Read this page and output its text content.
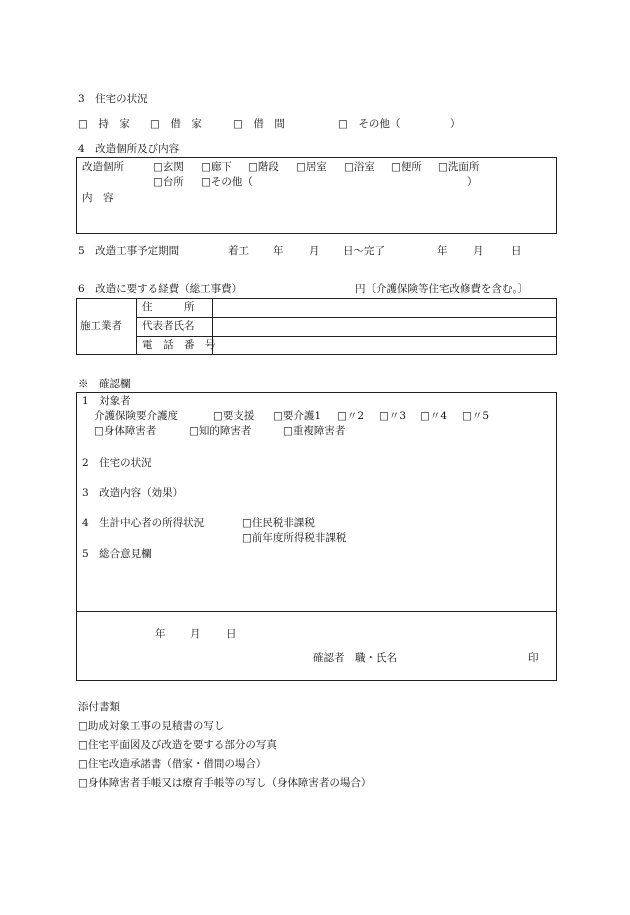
3　住宅の状況
□　持　家 □　借　家	□　借　間	□　その他（	）
4　改造個所及び内容
改造個所	□玄関 □廊下 □階段 □居室 □浴室 □便所 □洗面所
□台所 □その他（	）
内　容
5　改造工事予定期間	着工 年 月 日～完了	年 月	日
6　改造に要する経費（総工事費）	円〔介護保険等住宅改修費を含む。〕
施工業者
住　　　所
代表者氏名
電　話　番　号
※　確認欄
1　対象者
介護保険要介護度	□要支援 □要介護1 □〃2 □〃3 □〃4 □〃5
□身体障害者	□知的障害者	□重複障害者
2　住宅の状況
3　改造内容（効果）
4　生計中心者の所得状況	□住民税非課税
□前年度所得税非課税
5　総合意見欄
年 月 日
確認者　職・氏名	印
添付書類
□助成対象工事の見積書の写し
□住宅平面図及び改造を要する部分の写真
□住宅改造承諾書（借家・借間の場合）
□身体障害者手帳又は療育手帳等の写し（身体障害者の場合）
